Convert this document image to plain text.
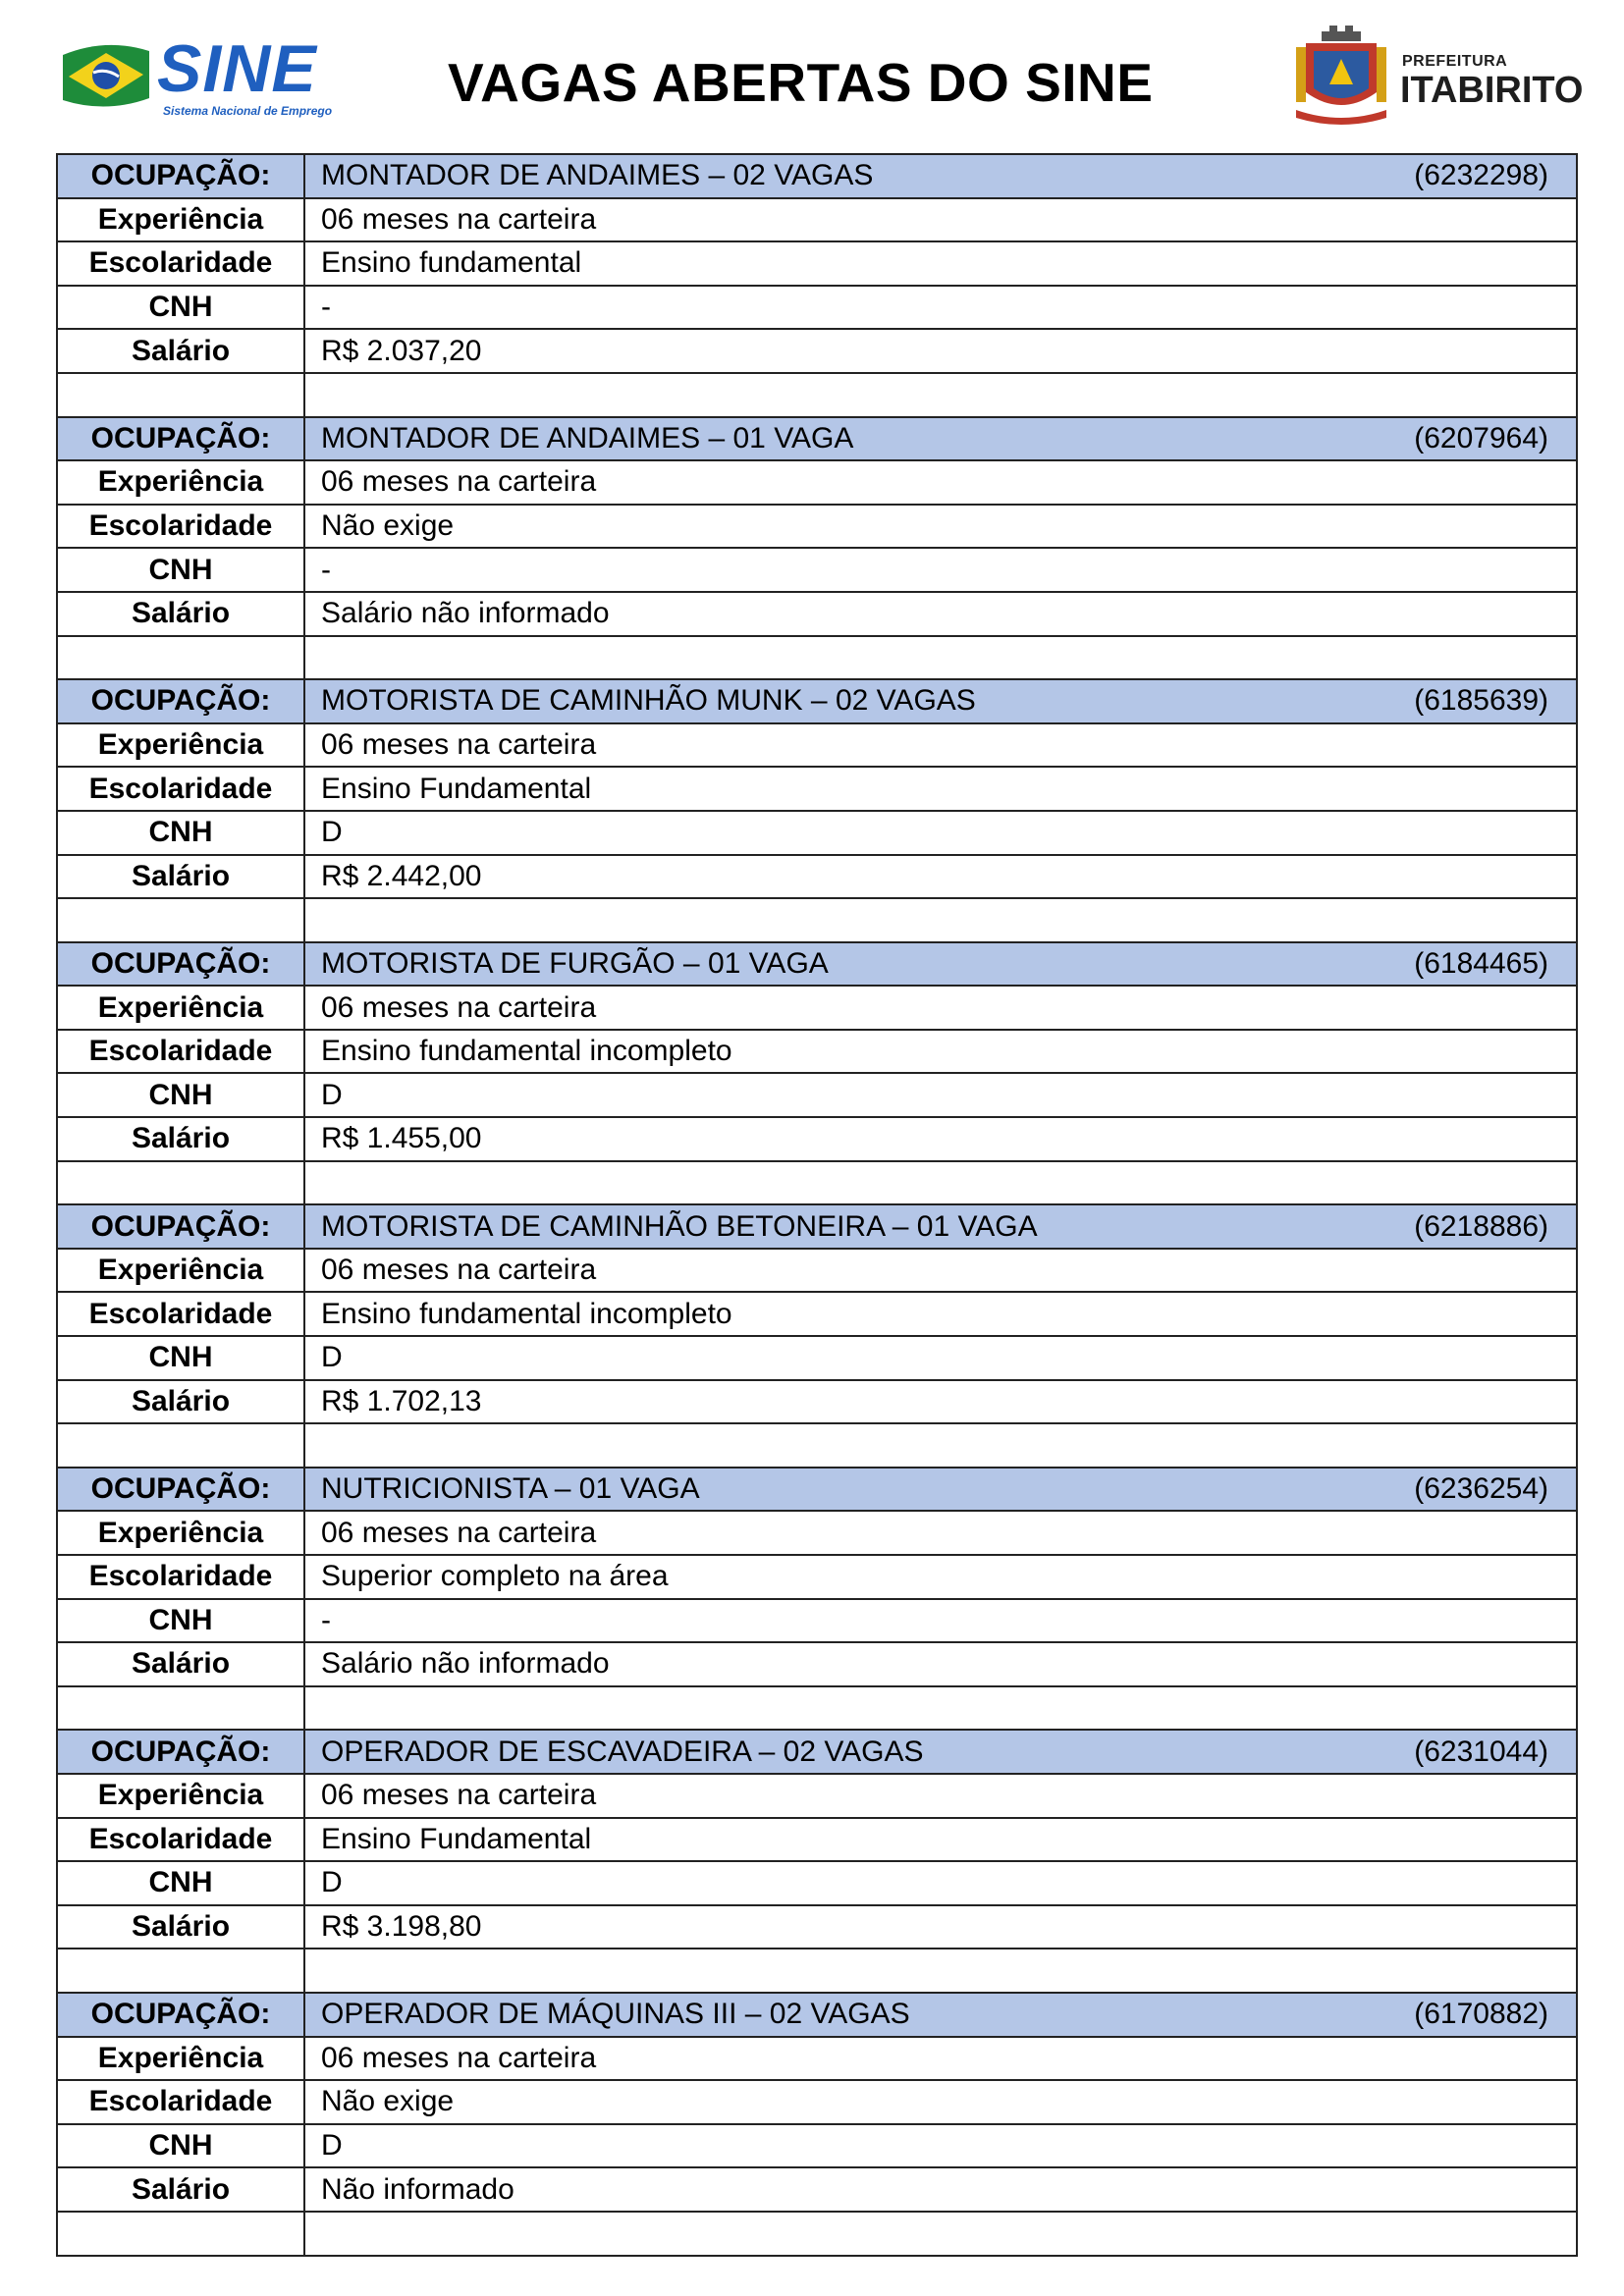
SINE
Sistema Nacional de Emprego VAGAS ABERTAS DO SINE	PREFEITURA
ITABIRITO
OCUPAÇÃO:	MONTADOR DE ANDAIMES – 02 VAGAS (6232298)

Experiência	06 meses na carteira
Escolaridade	Ensino fundamental
CNH	-
Salário	R$ 2.037,20

OCUPAÇÃO:	MONTADOR DE ANDAIMES – 01 VAGA (6207964)

Experiência	06 meses na carteira
Escolaridade	Não exige
CNH	-
Salário	Salário não informado

OCUPAÇÃO:	MOTORISTA DE CAMINHÃO MUNK – 02 VAGAS (6185639)

Experiência	06 meses na carteira
Escolaridade	Ensino Fundamental
CNH	D
Salário	R$ 2.442,00

OCUPAÇÃO:	MOTORISTA DE FURGÃO – 01 VAGA (6184465)

Experiência	06 meses na carteira
Escolaridade	Ensino fundamental incompleto
CNH	D
Salário	R$ 1.455,00

OCUPAÇÃO:	MOTORISTA DE CAMINHÃO BETONEIRA – 01 VAGA (6218886)

Experiência	06 meses na carteira
Escolaridade	Ensino fundamental incompleto
CNH	D
Salário	R$ 1.702,13

OCUPAÇÃO:	NUTRICIONISTA – 01 VAGA (6236254)

Experiência	06 meses na carteira
Escolaridade	Superior completo na área
CNH	-
Salário	Salário não informado

OCUPAÇÃO:	OPERADOR DE ESCAVADEIRA – 02 VAGAS (6231044)

Experiência	06 meses na carteira
Escolaridade	Ensino Fundamental
CNH	D
Salário	R$ 3.198,80

OCUPAÇÃO:	OPERADOR DE MÁQUINAS III – 02 VAGAS (6170882)

Experiência	06 meses na carteira
Escolaridade	Não exige
CNH	D
Salário	Não informado
